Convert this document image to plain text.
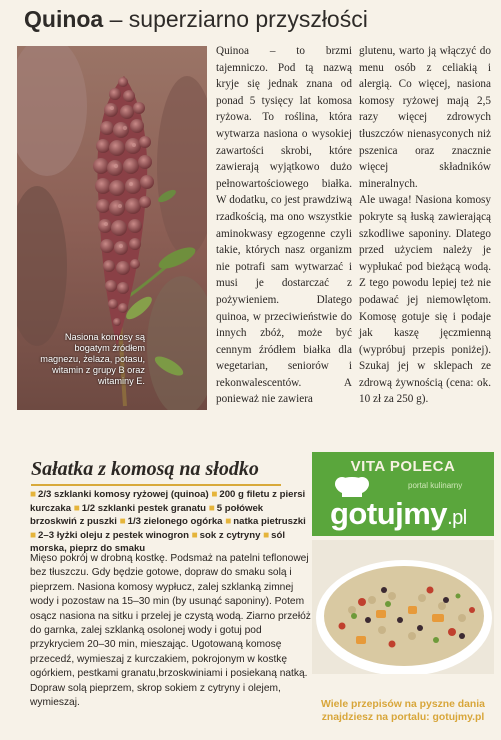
Quinoa – superziarno przyszłości
Nasiona komosy są bogatym źródłem magnezu, żelaza, potasu, witamin z grupy B oraz witaminy E.

Quinoa – to brzmi tajemniczo. Pod tą nazwą kryje się jednak znana od ponad 5 tysięcy lat komosa ryżowa. To roślina, która wytwarza nasiona o wysokiej zawartości skrobi, które zawierają wyjątkowo dużo pełnowartościowego białka. W dodatku, co jest prawdziwą rzadkością, ma ono wszystkie aminokwasy egzogenne czyli takie, których nasz organizm nie potrafi sam wytwarzać i musi je dostarczać z pożywieniem. Dlatego quinoa, w przeciwieństwie do innych zbóż, może być cennym źródłem białka dla wegetarian, seniorów i rekonwalescentów. A ponieważ nie zawiera

glutenu, warto ją włączyć do menu osób z celiakią i alergią. Co więcej, nasiona komosy ryżowej mają 2,5 razy więcej zdrowych tłuszczów nienasyconych niż pszenica oraz znacznie więcej składników mineralnych.

Ale uwaga! Nasiona komosy pokryte są łuską zawierającą szkodliwe saponiny. Dlatego przed użyciem należy je wypłukać pod bieżącą wodą. Z tego powodu lepiej też nie podawać jej niemowlętom. Komosę gotuje się i podaje jak kaszę jęczmienną (wypróbuj przepis poniżej). Szukaj jej w sklepach ze zdrową żywnością (cena: ok. 10 zł za 250 g).

Sałatka z komosą na słodko
■ 2/3 szklanki komosy ryżowej (quinoa) ■ 200 g filetu z piersi kurczaka ■ 1/2 szklanki pestek granatu ■ 5 połówek brzoskwiń z puszki ■ 1/3 zielonego ogórka ■ natka pietruszki ■ 2–3 łyżki oleju z pestek winogron ■ sok z cytryny ■ sól morska, pieprz do smaku
Mięso pokrój w drobną kostkę. Podsmaż na patelni teflonowej bez tłuszczu. Gdy będzie gotowe, dopraw do smaku solą i pieprzem. Nasiona komosy wypłucz, zalej szklanką zimnej wody i pozostaw na 15–30 min (by usunąć saponiny). Potem osącz nasiona na sitku i przelej je czystą wodą. Ziarno przełóż do garnka, zalej szklanką osolonej wody i gotuj pod przykryciem 20–30 min, mieszając. Ugotowaną komosę przecedź, wymieszaj z kurczakiem, pokrojonym w kostkę ogórkiem, pestkami granatu,brzoskwiniami i posiekaną natką. Dopraw solą pieprzem, skrop sokiem z cytryny i olejem, wymieszaj.
VITA POLECA
portal kulinarny
gotujmy.pl
Wiele przepisów na pyszne dania znajdziesz na portalu: gotujmy.pl
